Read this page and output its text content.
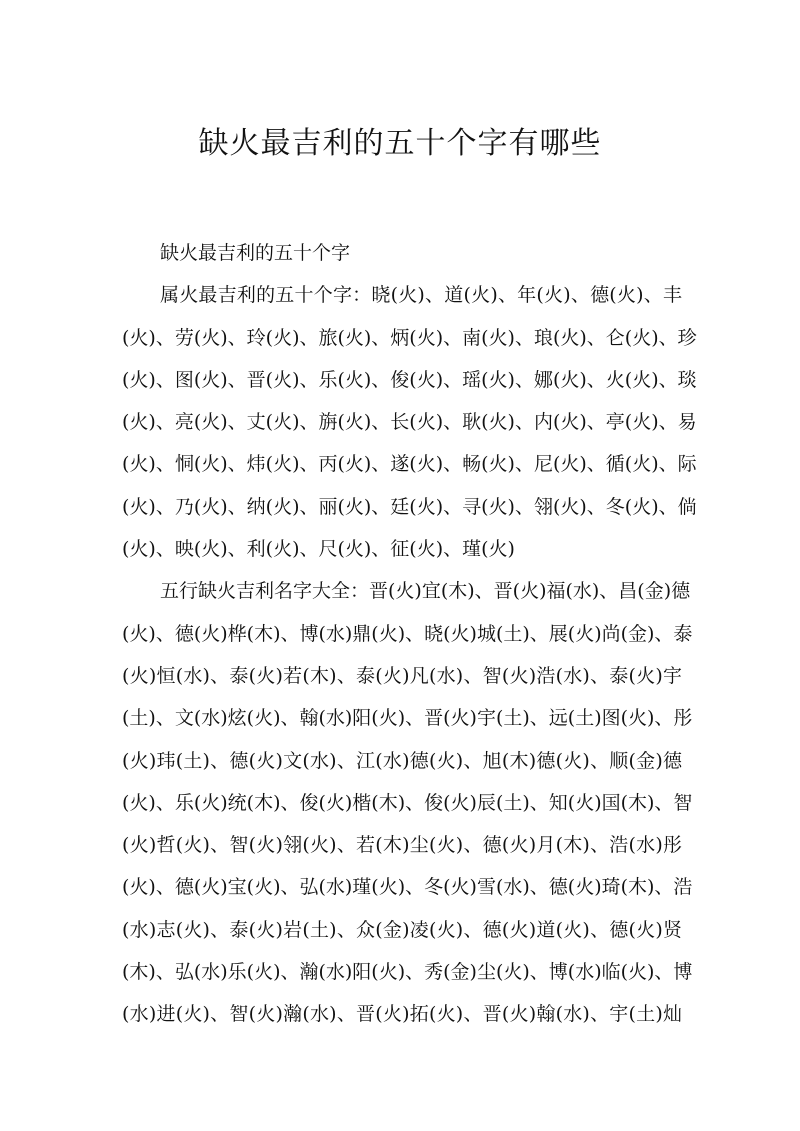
缺火最吉利的五十个字有哪些
缺火最吉利的五十个字
属火最吉利的五十个字：晓(火)、道(火)、年(火)、德(火)、丰
(火)、劳(火)、玲(火)、旅(火)、炳(火)、南(火)、琅(火)、仑(火)、珍
(火)、图(火)、晋(火)、乐(火)、俊(火)、瑶(火)、娜(火)、火(火)、琰
(火)、亮(火)、丈(火)、旃(火)、长(火)、耿(火)、内(火)、亭(火)、易
(火)、恫(火)、炜(火)、丙(火)、遂(火)、畅(火)、尼(火)、循(火)、际
(火)、乃(火)、纳(火)、丽(火)、廷(火)、寻(火)、翎(火)、冬(火)、倘
(火)、映(火)、利(火)、尺(火)、征(火)、瑾(火)
五行缺火吉利名字大全：晋(火)宜(木)、晋(火)福(水)、昌(金)德
(火)、德(火)桦(木)、博(水)鼎(火)、晓(火)城(土)、展(火)尚(金)、泰
(火)恒(水)、泰(火)若(木)、泰(火)凡(水)、智(火)浩(水)、泰(火)宇
(土)、文(水)炫(火)、翰(水)阳(火)、晋(火)宇(土)、远(土)图(火)、彤
(火)玮(土)、德(火)文(水)、江(水)德(火)、旭(木)德(火)、顺(金)德
(火)、乐(火)统(木)、俊(火)楷(木)、俊(火)辰(土)、知(火)国(木)、智
(火)哲(火)、智(火)翎(火)、若(木)尘(火)、德(火)月(木)、浩(水)彤
(火)、德(火)宝(火)、弘(水)瑾(火)、冬(火)雪(水)、德(火)琦(木)、浩
(水)志(火)、泰(火)岩(土)、众(金)凌(火)、德(火)道(火)、德(火)贤
(木)、弘(水)乐(火)、瀚(水)阳(火)、秀(金)尘(火)、博(水)临(火)、博
(水)进(火)、智(火)瀚(水)、晋(火)拓(火)、晋(火)翰(水)、宇(土)灿
